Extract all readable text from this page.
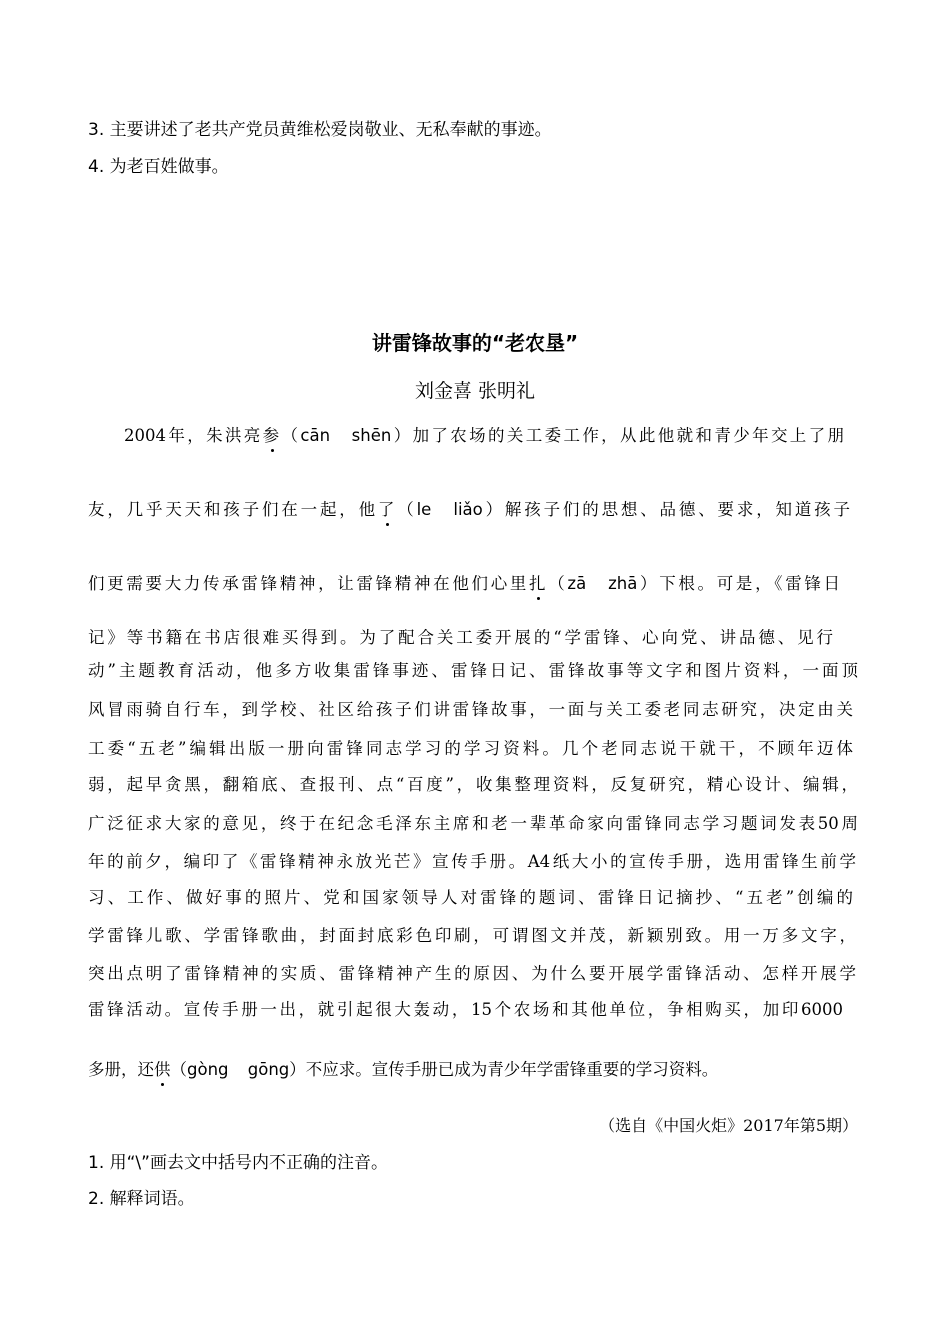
3. 主要讲述了老共产党员黄维松爱岗敬业、无私奉献的事迹。
4. 为老百姓做事。
讲雷锋故事的“老农垦”
刘金喜 张明礼
2004年，朱洪亮参（cān shēn）加了农场的关工委工作，从此他就和青少年交上了朋
友，几乎天天和孩子们在一起，他了（le liǎo）解孩子们的思想、品德、要求，知道孩子
们更需要大力传承雷锋精神，让雷锋精神在他们心里扎（zā zhā）下根。可是，《雷锋日
记》等书籍在书店很难买得到。为了配合关工委开展的“学雷锋、心向党、讲品德、见行
动”主题教育活动，他多方收集雷锋事迹、雷锋日记、雷锋故事等文字和图片资料，一面顶
风冒雨骑自行车，到学校、社区给孩子们讲雷锋故事，一面与关工委老同志研究，决定由关
工委“五老”编辑出版一册向雷锋同志学习的学习资料。几个老同志说干就干，不顾年迈体
弱，起早贪黑，翻箱底、查报刊、点“百度”，收集整理资料，反复研究，精心设计、编辑，
广泛征求大家的意见，终于在纪念毛泽东主席和老一辈革命家向雷锋同志学习题词发表50周
年的前夕，编印了《雷锋精神永放光芒》宣传手册。A4纸大小的宣传手册，选用雷锋生前学
习、工作、做好事的照片、党和国家领导人对雷锋的题词、雷锋日记摘抄、“五老”创编的
学雷锋儿歌、学雷锋歌曲，封面封底彩色印刷，可谓图文并茂，新颖别致。用一万多文字，
突出点明了雷锋精神的实质、雷锋精神产生的原因、为什么要开展学雷锋活动、怎样开展学
雷锋活动。宣传手册一出，就引起很大轰动，15个农场和其他单位，争相购买，加印6000
多册，还供（gòng gōng）不应求。宣传手册已成为青少年学雷锋重要的学习资料。
（选自《中国火炬》2017年第5期）
1. 用“\”画去文中括号内不正确的注音。
2. 解释词语。
